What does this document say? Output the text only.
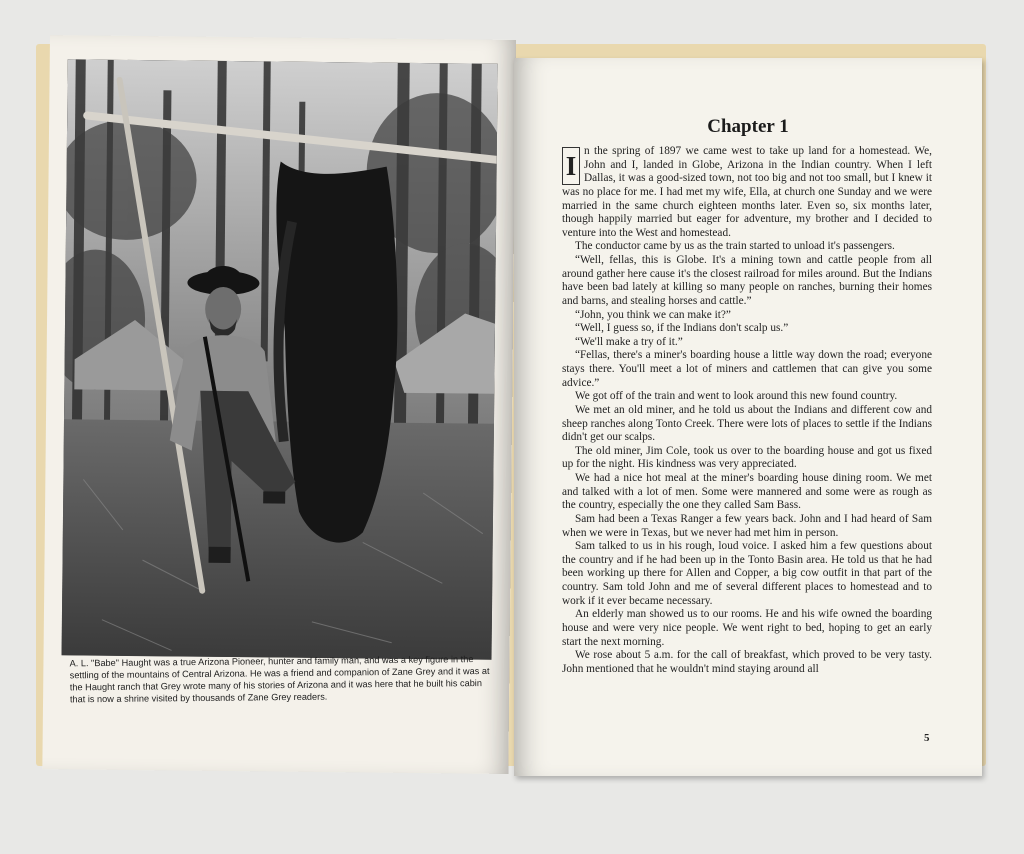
A. L. "Babe" Haught was a true Arizona Pioneer, hunter and family man, and was a key figure in the settling of the mountains of Central Arizona. He was a friend and companion of Zane Grey and it was at the Haught ranch that Grey wrote many of his stories of Arizona and it was here that he built his cabin that is now a shrine visited by thousands of Zane Grey readers.
Chapter 1

I n the spring of 1897 we came west to take up land for a homestead. We, John and I, landed in Globe, Arizona in the Indian country. When I left Dallas, it was a good-sized town, not too big and not too small, but I knew it was no place for me. I had met my wife, Ella, at church one Sunday and we were married in the same church eighteen months later. Even so, six months later, though happily married but eager for adventure, my brother and I decided to venture into the West and homestead.

The conductor came by us as the train started to unload it's passengers.

“Well, fellas, this is Globe. It's a mining town and cattle people from all around gather here cause it's the closest railroad for miles around. But the Indians have been bad lately at killing so many people on ranches, burning their homes and barns, and stealing horses and cattle.”

“John, you think we can make it?”

“Well, I guess so, if the Indians don't scalp us.”

“We'll make a try of it.”

“Fellas, there's a miner's boarding house a little way down the road; everyone stays there. You'll meet a lot of miners and cattlemen that can give you some advice.”

We got off of the train and went to look around this new found country.

We met an old miner, and he told us about the Indians and different cow and sheep ranches along Tonto Creek. There were lots of places to settle if the Indians didn't get our scalps.

The old miner, Jim Cole, took us over to the boarding house and got us fixed up for the night. His kindness was very appreciated.

We had a nice hot meal at the miner's boarding house dining room. We met and talked with a lot of men. Some were mannered and some were as rough as the country, especially the one they called Sam Bass.

Sam had been a Texas Ranger a few years back. John and I had heard of Sam when we were in Texas, but we never had met him in person.

Sam talked to us in his rough, loud voice. I asked him a few questions about the country and if he had been up in the Tonto Basin area. He told us that he had been working up there for Allen and Copper, a big cow outfit in that part of the country. Sam told John and me of several different places to homestead and to work if it ever became necessary.

An elderly man showed us to our rooms. He and his wife owned the boarding house and were very nice people. We went right to bed, hoping to get an early start the next morning.

We rose about 5 a.m. for the call of breakfast, which proved to be very tasty. John mentioned that he wouldn't mind staying around all

5
